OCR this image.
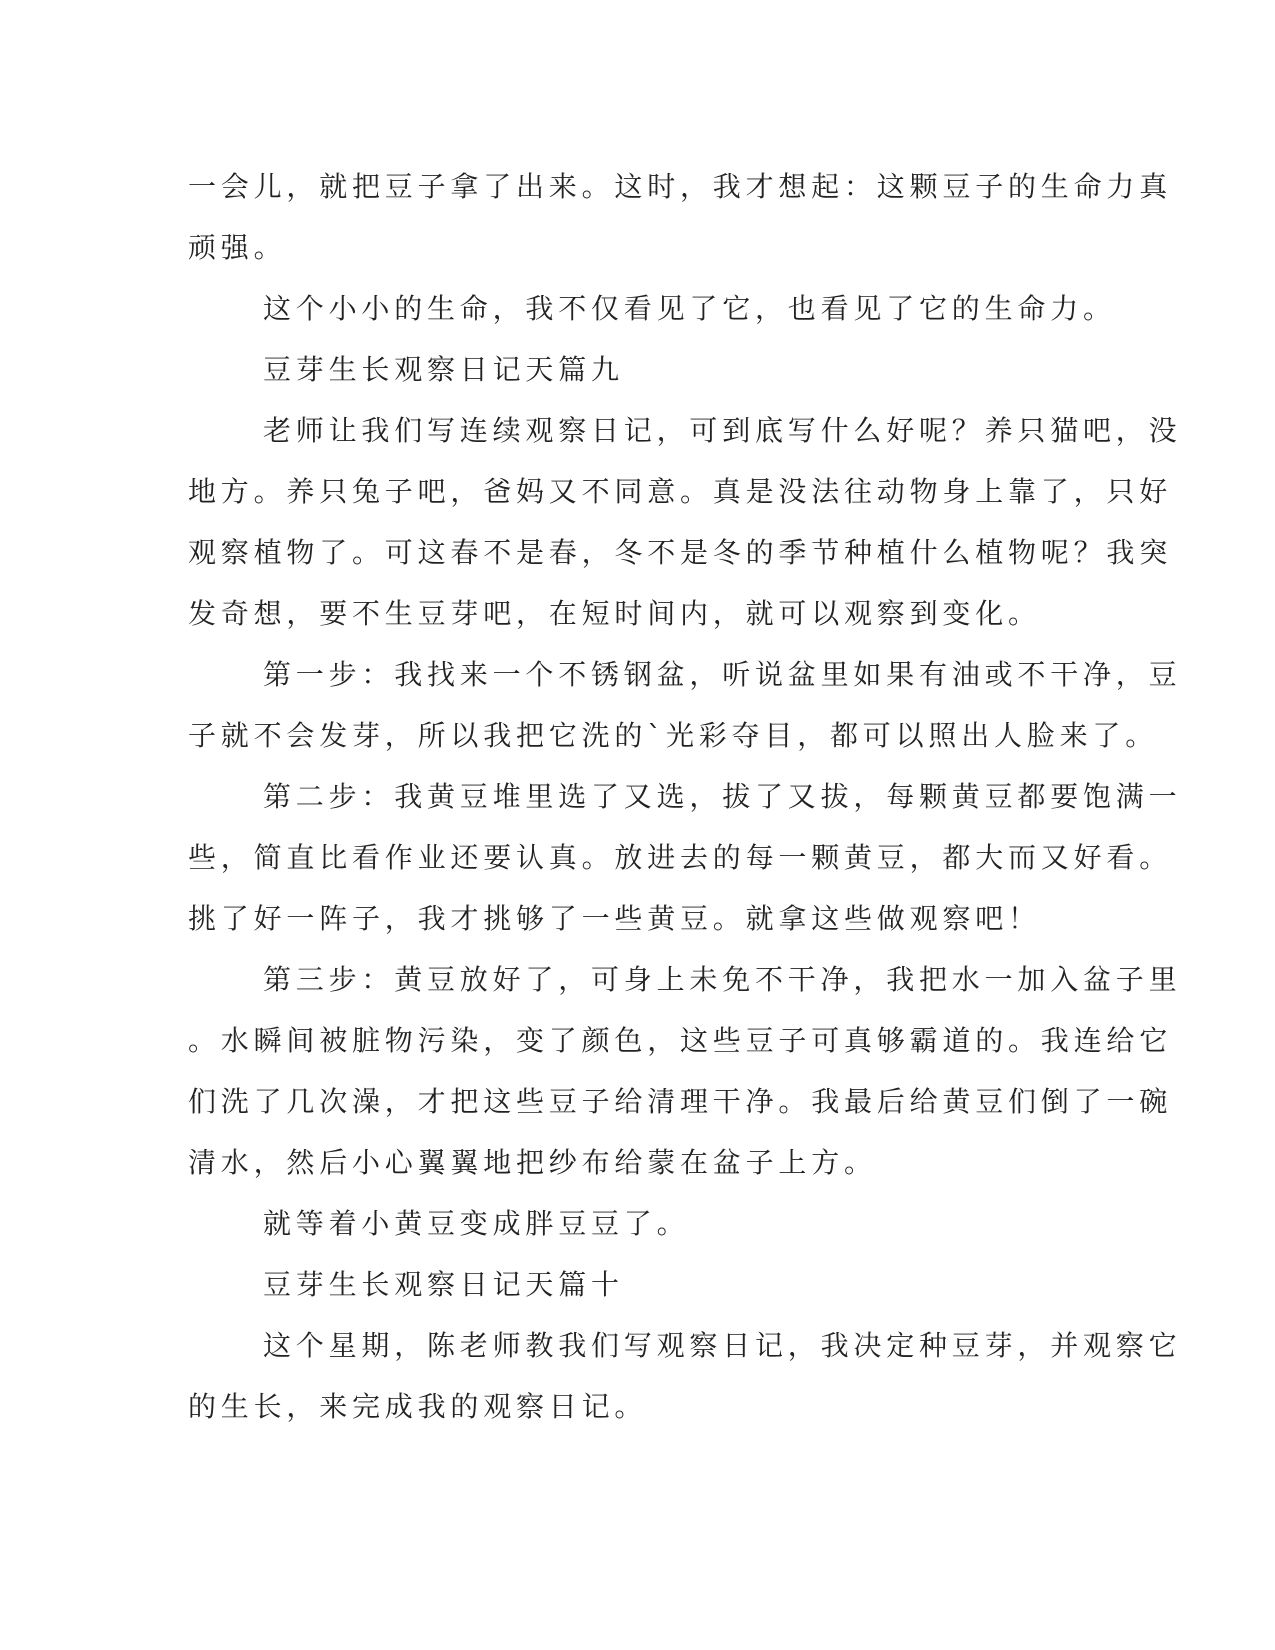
一会儿，就把豆子拿了出来。这时，我才想起：这颗豆子的生命力真
顽强。
这个小小的生命，我不仅看见了它，也看见了它的生命力。
豆芽生长观察日记天篇九
老师让我们写连续观察日记，可到底写什么好呢？养只猫吧，没
地方。养只兔子吧，爸妈又不同意。真是没法往动物身上靠了，只好
观察植物了。可这春不是春，冬不是冬的季节种植什么植物呢？我突
发奇想，要不生豆芽吧，在短时间内，就可以观察到变化。
第一步：我找来一个不锈钢盆，听说盆里如果有油或不干净，豆
子就不会发芽，所以我把它洗的`光彩夺目，都可以照出人脸来了。
第二步：我黄豆堆里选了又选，拔了又拔，每颗黄豆都要饱满一
些，简直比看作业还要认真。放进去的每一颗黄豆，都大而又好看。
挑了好一阵子，我才挑够了一些黄豆。就拿这些做观察吧！
第三步：黄豆放好了，可身上未免不干净，我把水一加入盆子里
。水瞬间被脏物污染，变了颜色，这些豆子可真够霸道的。我连给它
们洗了几次澡，才把这些豆子给清理干净。我最后给黄豆们倒了一碗
清水，然后小心翼翼地把纱布给蒙在盆子上方。
就等着小黄豆变成胖豆豆了。
豆芽生长观察日记天篇十
这个星期，陈老师教我们写观察日记，我决定种豆芽，并观察它
的生长，来完成我的观察日记。
